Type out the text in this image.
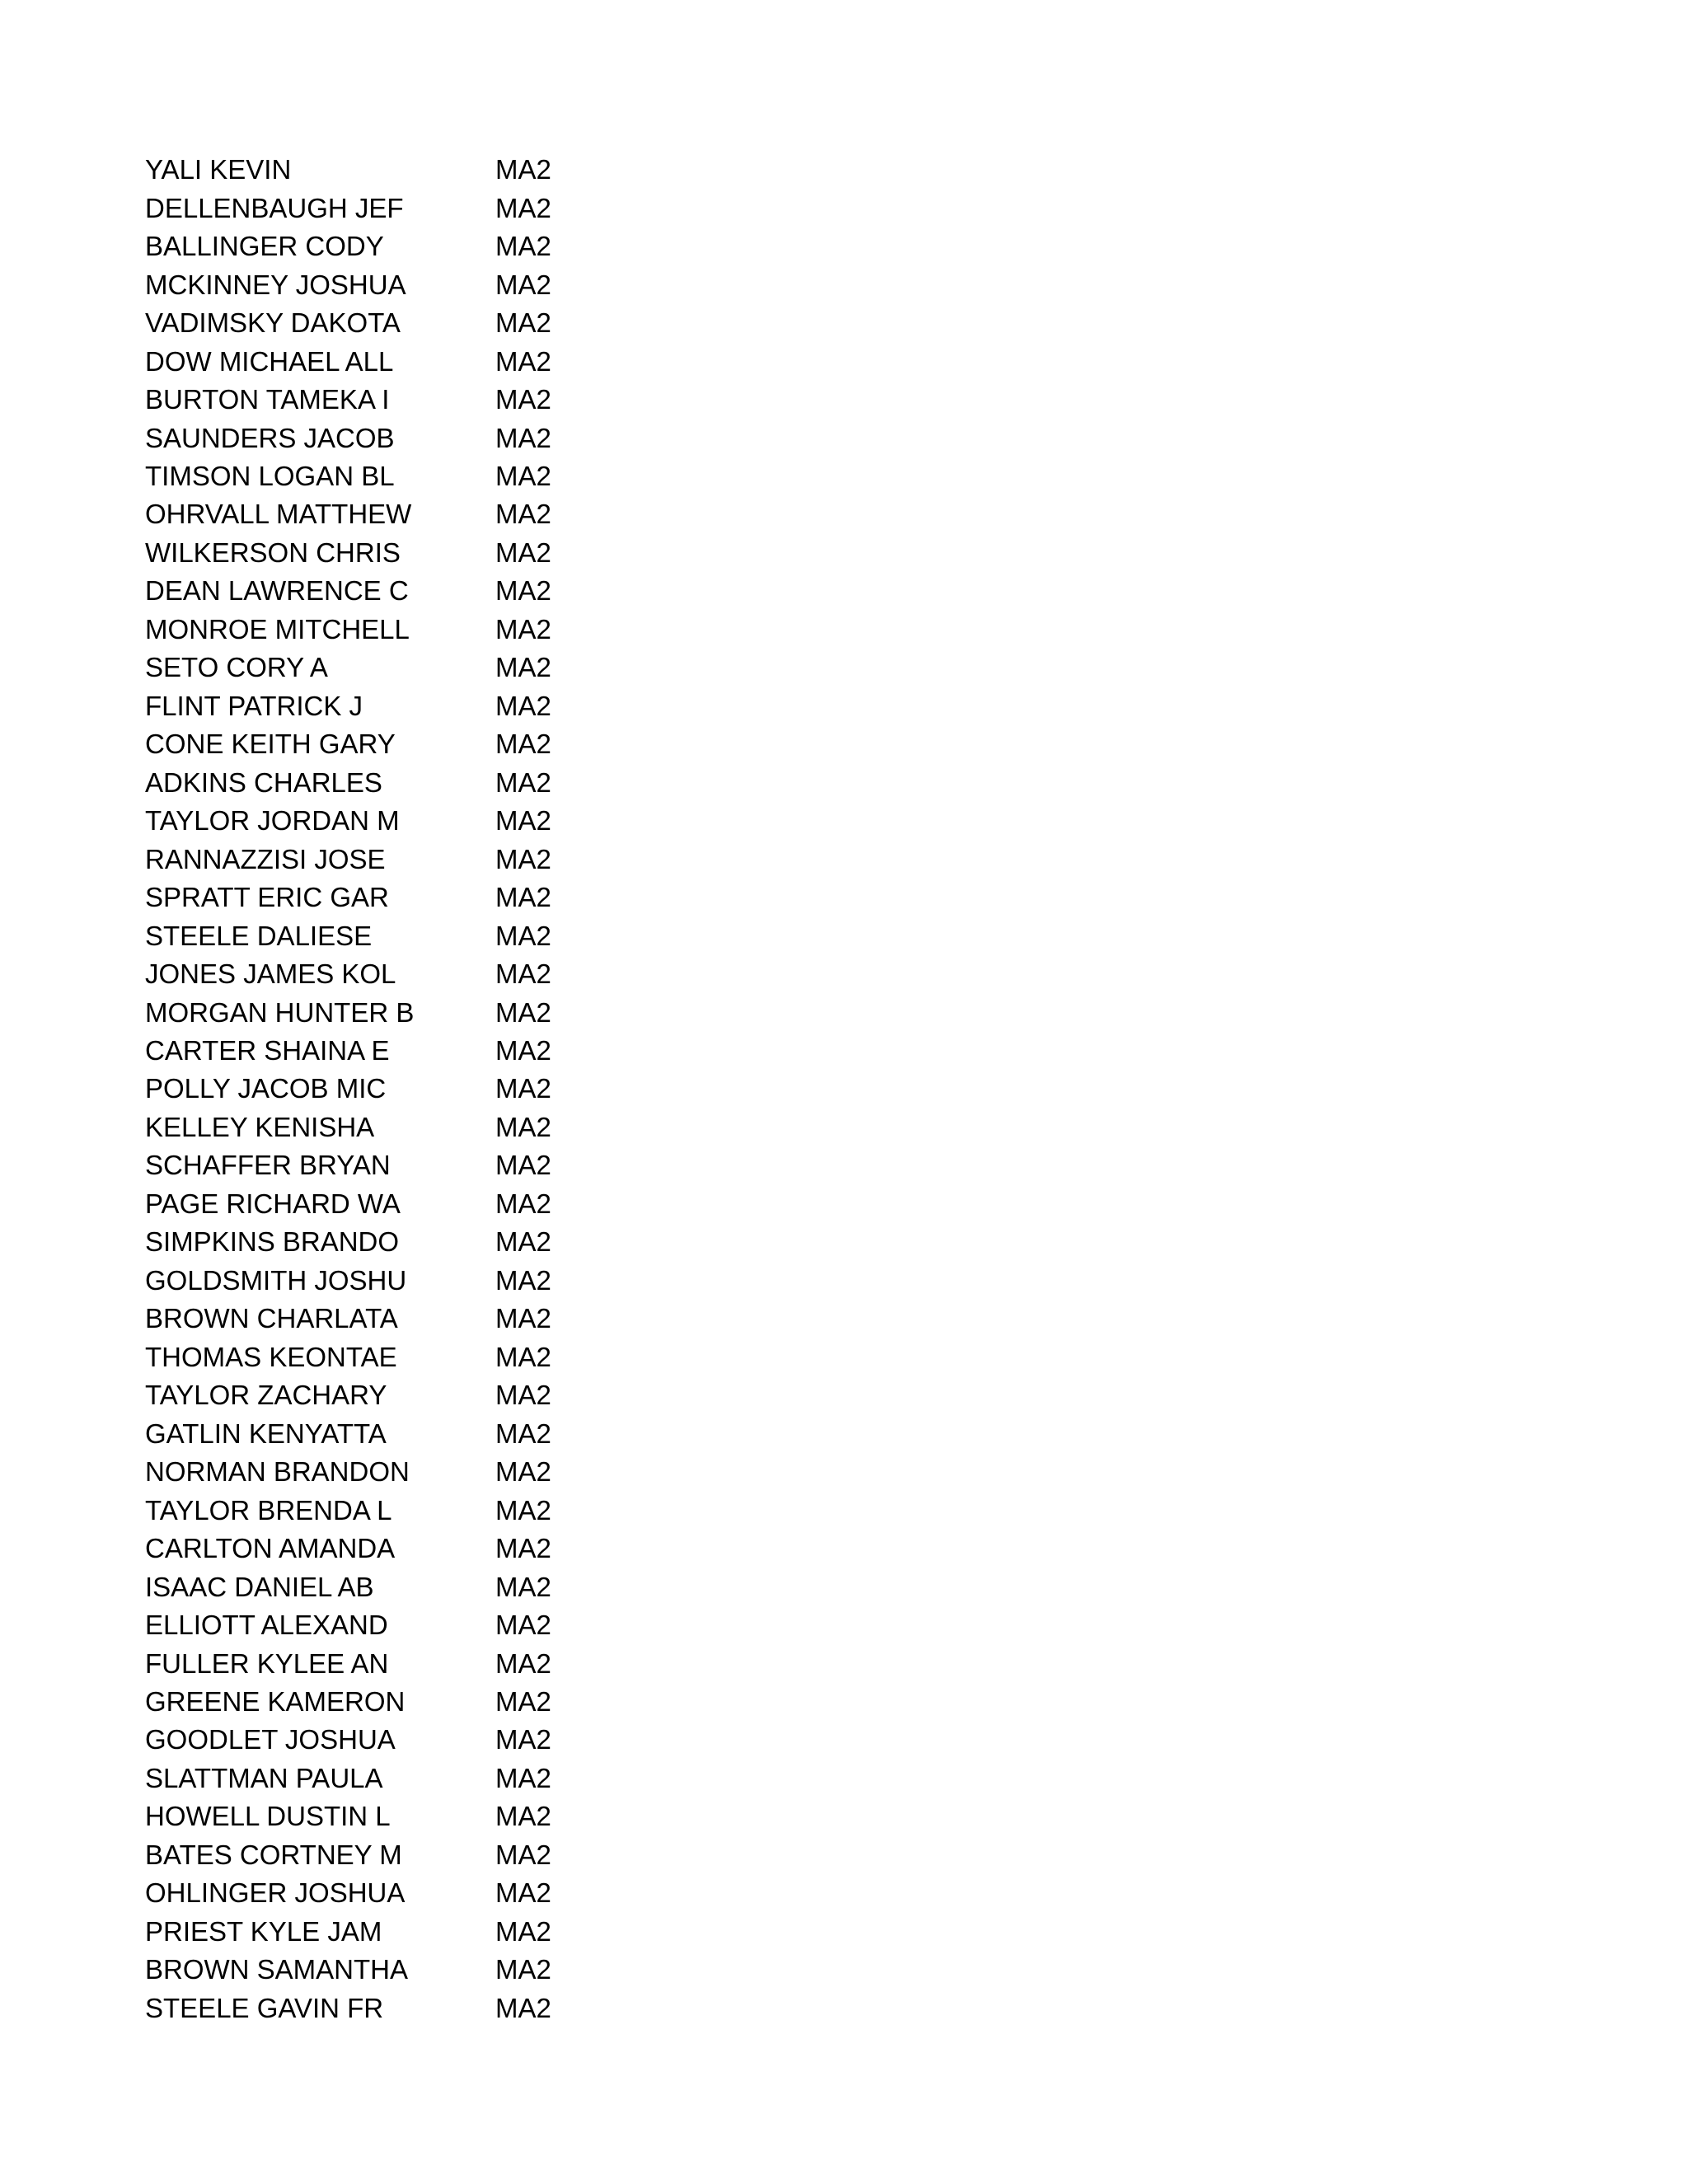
YALI KEVIN	MA2
DELLENBAUGH JEF	MA2
BALLINGER CODY	MA2
MCKINNEY JOSHUA	MA2
VADIMSKY DAKOTA	MA2
DOW MICHAEL ALL	MA2
BURTON TAMEKA I	MA2
SAUNDERS JACOB	MA2
TIMSON LOGAN BL	MA2
OHRVALL MATTHEW	MA2
WILKERSON CHRIS	MA2
DEAN LAWRENCE C	MA2
MONROE MITCHELL	MA2
SETO CORY A	MA2
FLINT PATRICK J	MA2
CONE KEITH GARY	MA2
ADKINS CHARLES	MA2
TAYLOR JORDAN M	MA2
RANNAZZISI JOSE	MA2
SPRATT ERIC GAR	MA2
STEELE DALIESE	MA2
JONES JAMES KOL	MA2
MORGAN HUNTER B	MA2
CARTER SHAINA E	MA2
POLLY JACOB MIC	MA2
KELLEY KENISHA	MA2
SCHAFFER BRYAN	MA2
PAGE RICHARD WA	MA2
SIMPKINS BRANDO	MA2
GOLDSMITH JOSHU	MA2
BROWN CHARLATA	MA2
THOMAS KEONTAE	MA2
TAYLOR ZACHARY	MA2
GATLIN KENYATTA	MA2
NORMAN BRANDON	MA2
TAYLOR BRENDA L	MA2
CARLTON AMANDA	MA2
ISAAC DANIEL AB	MA2
ELLIOTT ALEXAND	MA2
FULLER KYLEE AN	MA2
GREENE KAMERON	MA2
GOODLET JOSHUA	MA2
SLATTMAN PAULA	MA2
HOWELL DUSTIN L	MA2
BATES CORTNEY M	MA2
OHLINGER JOSHUA	MA2
PRIEST KYLE JAM	MA2
BROWN SAMANTHA	MA2
STEELE GAVIN FR	MA2
